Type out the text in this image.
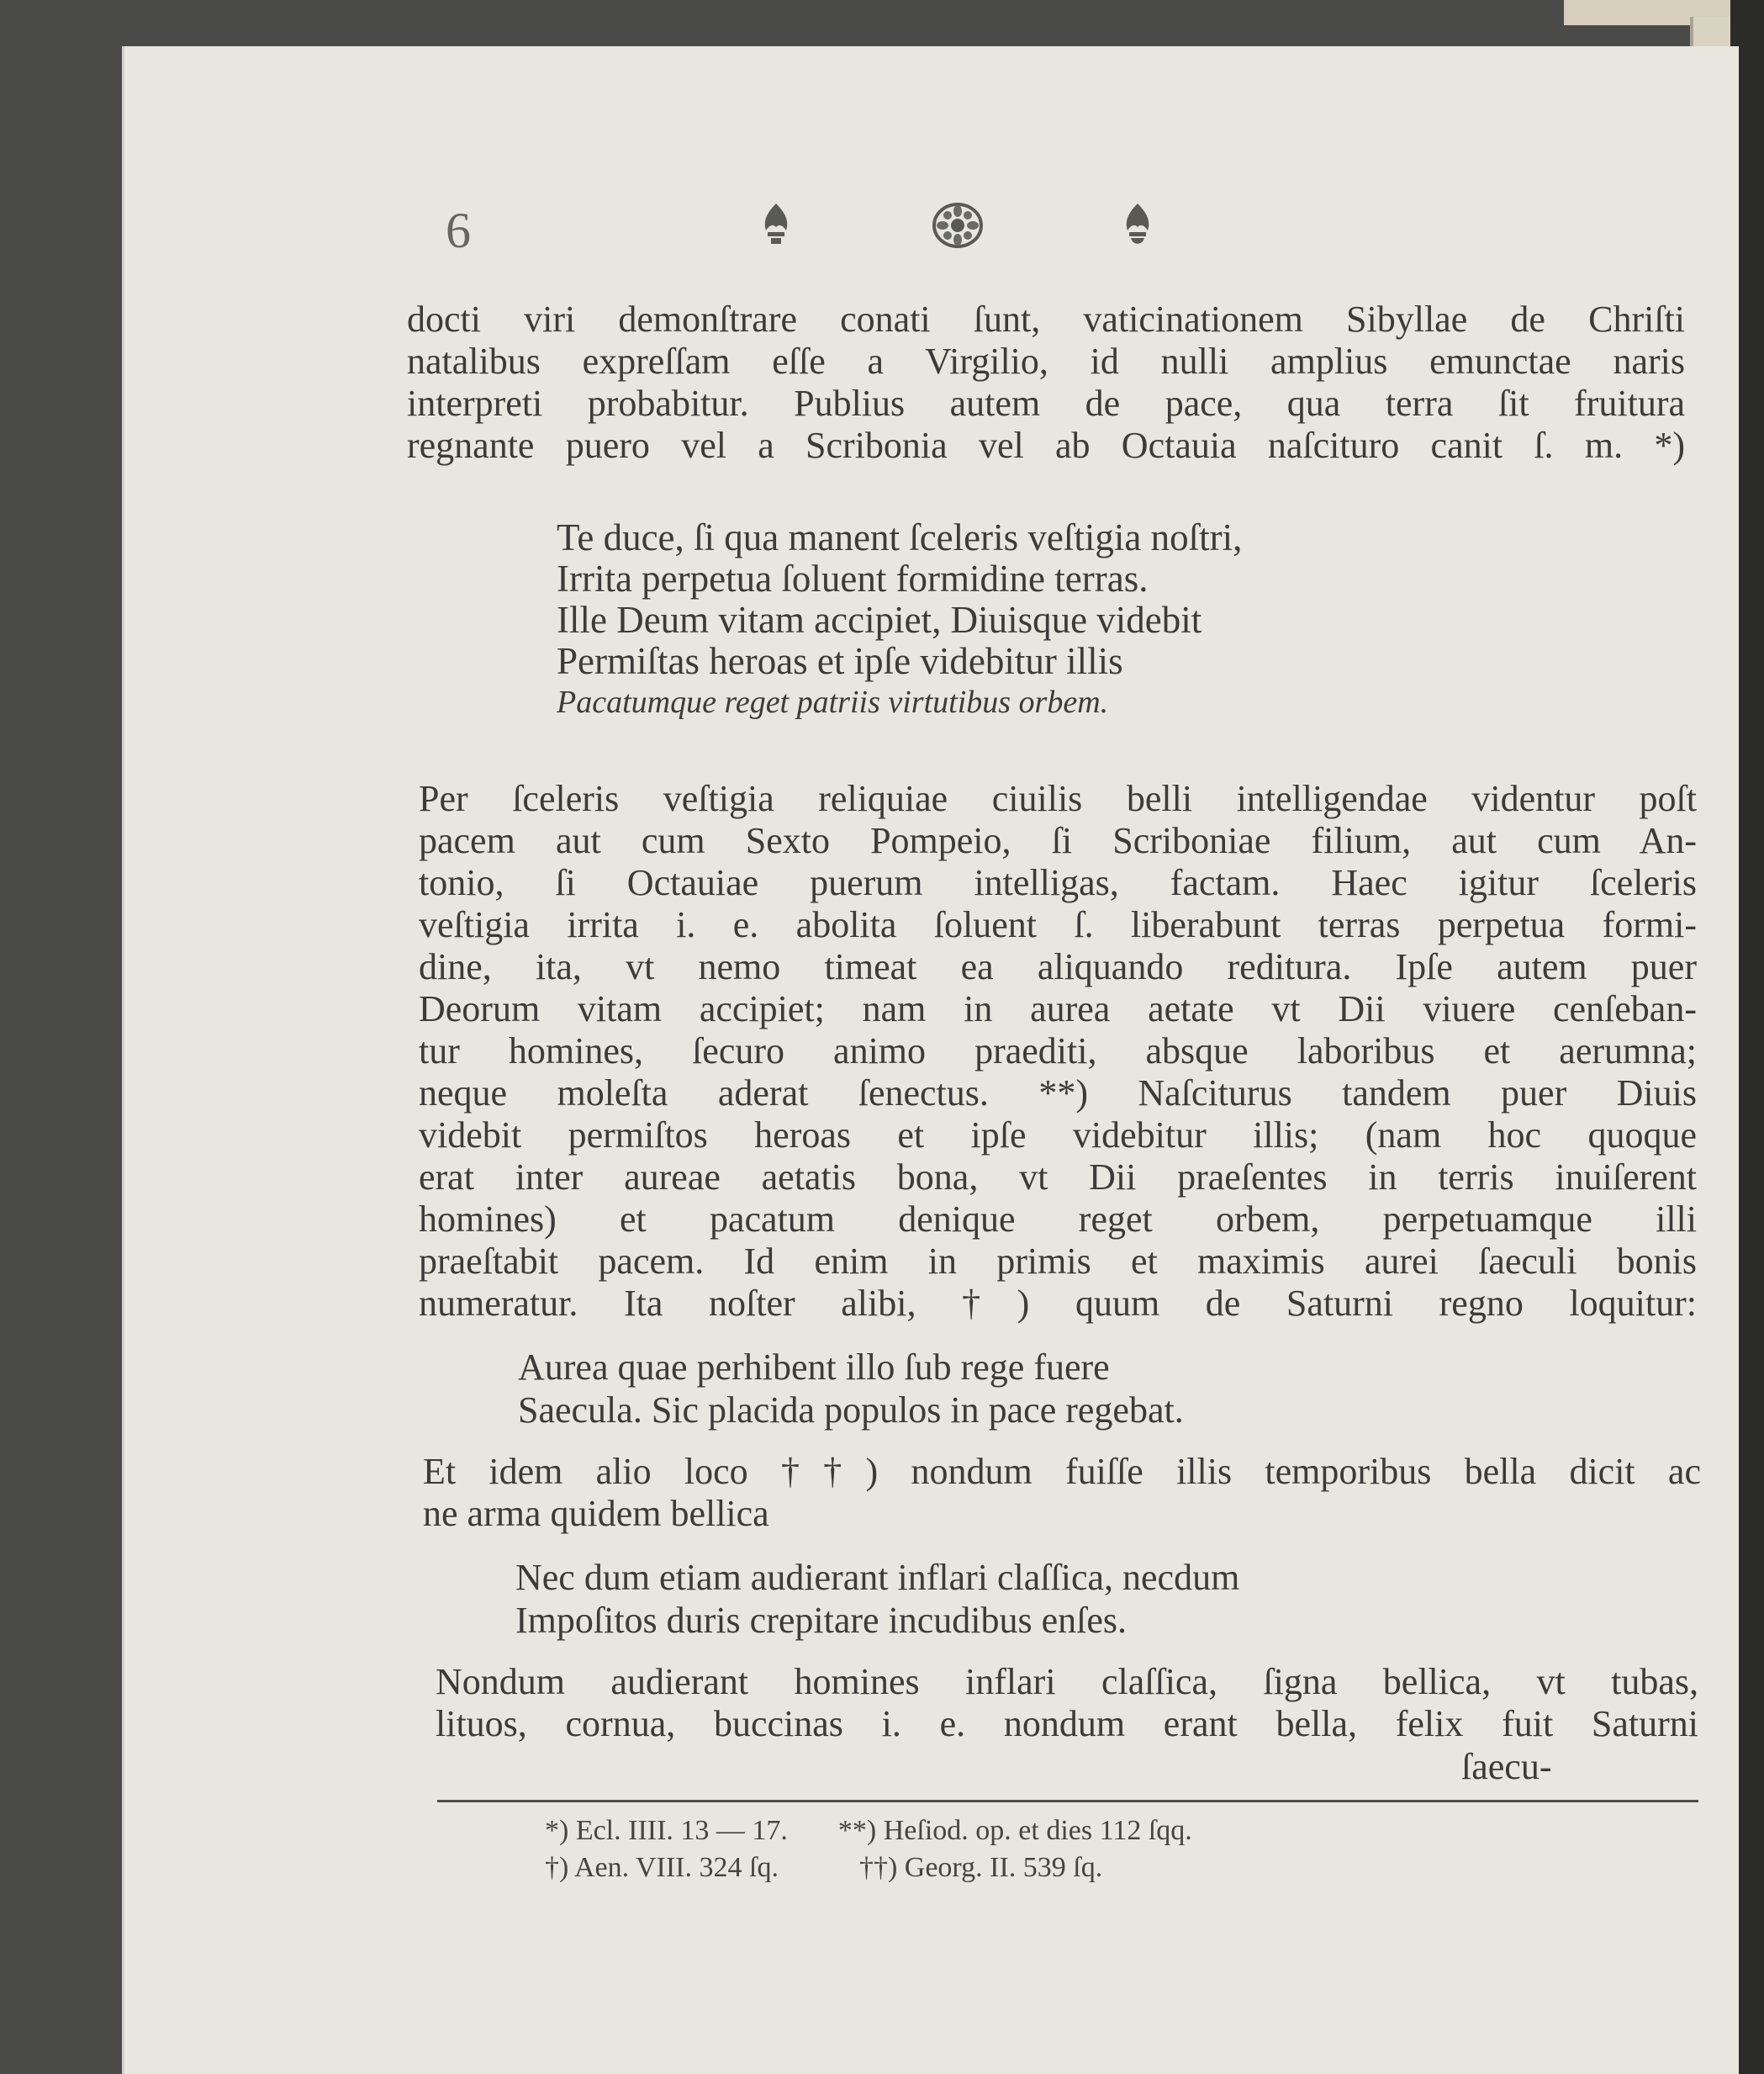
6
docti viri demonſtrare conati ſunt, vaticinationem Sibyllae de Chriſti
natalibus expreſſam eſſe a Virgilio, id nulli amplius emunctae naris
interpreti probabitur. Publius autem de pace, qua terra ſit fruitura
regnante puero vel a Scribonia vel ab Octauia naſcituro canit ſ. m. *)
Te duce, ſi qua manent ſceleris veſtigia noſtri,
Irrita perpetua ſoluent formidine terras.
Ille Deum vitam accipiet, Diuisque videbit
Permiſtas heroas et ipſe videbitur illis
Pacatumque reget patriis virtutibus orbem.
Per ſceleris veſtigia reliquiae ciuilis belli intelligendae videntur poſt
pacem aut cum Sexto Pompeio, ſi Scriboniae filium, aut cum An-
tonio, ſi Octauiae puerum intelligas, factam. Haec igitur ſceleris
veſtigia irrita i. e. abolita ſoluent ſ. liberabunt terras perpetua formi-
dine, ita, vt nemo timeat ea aliquando reditura. Ipſe autem puer
Deorum vitam accipiet; nam in aurea aetate vt Dii viuere cenſeban-
tur homines, ſecuro animo praediti, absque laboribus et aerumna;
neque moleſta aderat ſenectus. **) Naſciturus tandem puer Diuis
videbit permiſtos heroas et ipſe videbitur illis; (nam hoc quoque
erat inter aureae aetatis bona, vt Dii praeſentes in terris inuiſerent
homines) et pacatum denique reget orbem, perpetuamque illi
praeſtabit pacem. Id enim in primis et maximis aurei ſaeculi bonis
numeratur. Ita noſter alibi, †) quum de Saturni regno loquitur:
Aurea quae perhibent illo ſub rege fuere
Saecula. Sic placida populos in pace regebat.
Et idem alio loco ††) nondum fuiſſe illis temporibus bella dicit ac
ne arma quidem bellica
Nec dum etiam audierant inflari claſſica, necdum
Impoſitos duris crepitare incudibus enſes.
Nondum audierant homines inflari claſſica, ſigna bellica, vt tubas,
lituos, cornua, buccinas i. e. nondum erant bella, felix fuit Saturni
ſaecu-
*) Ecl. IIII. 13 — 17. **) Heſiod. op. et dies 112 ſqq.
†) Aen. VIII. 324 ſq.	††) Georg. II. 539 ſq.
